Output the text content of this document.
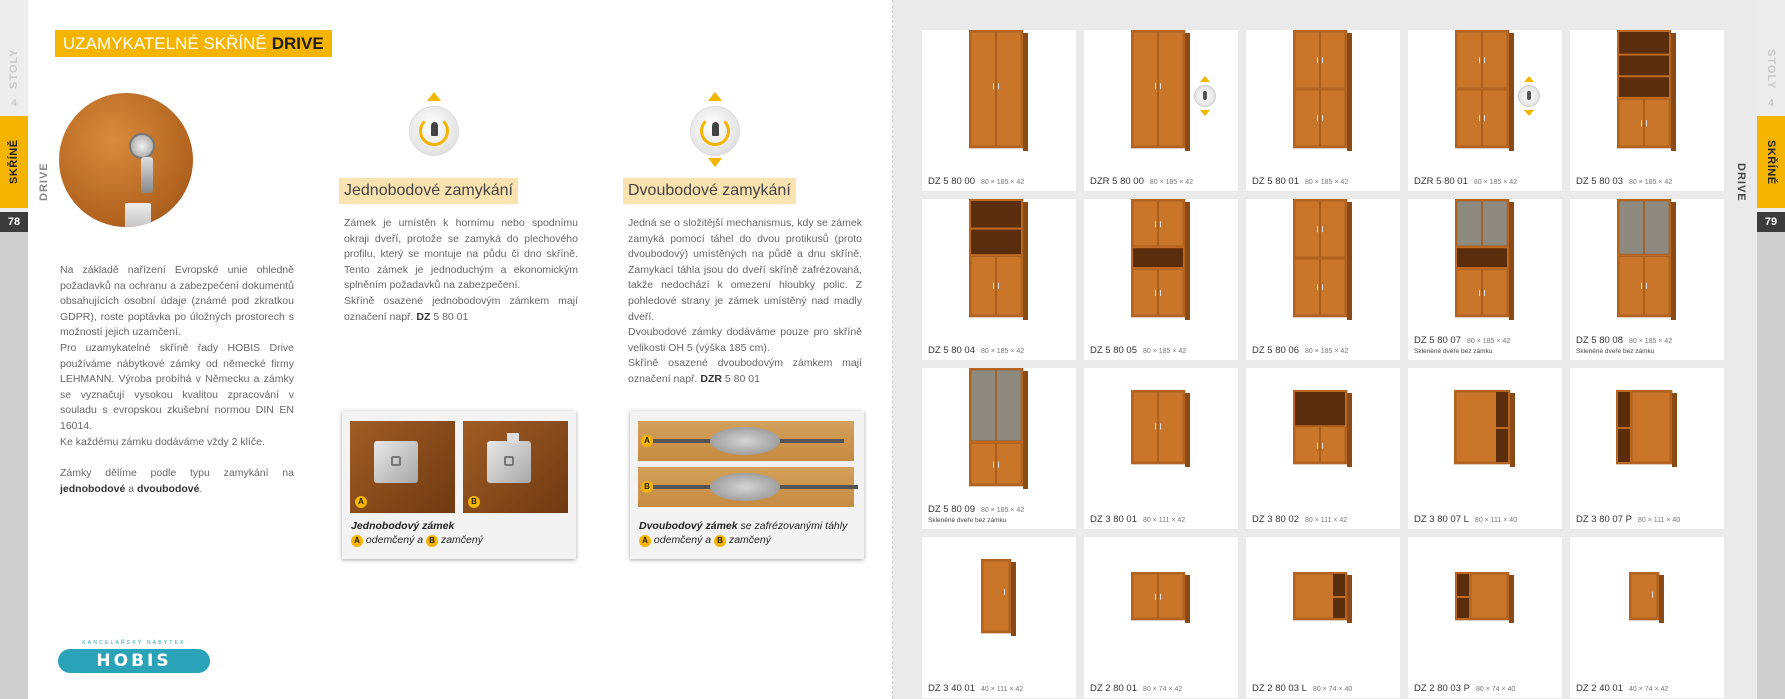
STOLY
4
SKŘÍNĚ
78
DRIVE
UZAMYKATELNÉ SKŘÍNĚ DRIVE

Na základě nařízení Evropské unie ohledně požadavků na ochranu a zabezpečení dokumentů obsahujících osobní údaje (známé pod zkratkou GDPR), roste poptávka po úložných prostorech s možností jejich uzamčení.

Pro uzamykatelné skříně řady HOBIS Drive používáme nábytkové zámky od německé firmy LEHMANN. Výroba probíhá v Německu a zámky se vyznačují vysokou kvalitou zpracování v souladu s evropskou zkušební normou DIN EN 16014.

Ke každému zámku dodáváme vždy 2 klíče.

Zámky dělíme podle typu zamykání na jednobodové a dvoubodové.

Jednobodové zamykání

Zámek je umístěn k hornímu nebo spodnímu okraji dveří, protože se zamyká do plechového profilu, který se montuje na půdu či dno skříně. Tento zámek je jednoduchým a ekonomickým splněním požadavků na zabezpečení.
Skříně osazené jednobodovým zámkem mají označení např. DZ 5 80 01

A	B
Jednobodový zámek
A odemčený a B zamčený
Dvoubodové zamykání

Jedná se o složitější mechanismus, kdy se zámek zamyká pomocí táhel do dvou protikusů (proto dvoubodový) umístěných na půdě a dnu skříně. Zamykací táhla jsou do dveří skříně zafrézovaná, takže nedochází k omezení hloubky polic. Z pohledové strany je zámek umístěný nad madly dveří.
Dvoubodové zámky dodáváme pouze pro skříně velikosti OH 5 (výška 185 cm).
Skříně osazené dvoubodovým zámkem mají označení např. DZR 5 80 01

A
B
Dvoubodový zámek se zafrézovanými táhly
A odemčený a B zamčený
KANCELÁŘSKÝ NÁBYTEK
HOBIS
DZ 5 80 00 80 × 185 × 42	DZR 5 80 00 80 × 185 × 42	DZ 5 80 01 80 × 185 × 42	DZR 5 80 01 80 × 185 × 42	DZ 5 80 03 80 × 185 × 42
DZ 5 80 04 80 × 185 × 42	DZ 5 80 05 80 × 185 × 42	DZ 5 80 06 80 × 185 × 42
DZ 5 80 07 80 × 185 × 42
Skleněné dveře bez zámku
DZ 5 80 08 80 × 185 × 42
Skleněné dveře bez zámku
DZ 5 80 09 80 × 185 × 42
Skleněné dveře bez zámku	DZ 3 80 01 80 × 111 × 42	DZ 3 80 02 80 × 111 × 42	DZ 3 80 07 L 80 × 111 × 40	DZ 3 80 07 P 80 × 111 × 40
DZ 3 40 01 40 × 111 × 42	DZ 2 80 01 80 × 74 × 42	DZ 2 80 03 L 80 × 74 × 40	DZ 2 80 03 P 80 × 74 × 40	DZ 2 40 01 40 × 74 × 42
DRIVE
STOLY
4
SKŘÍNĚ
79
